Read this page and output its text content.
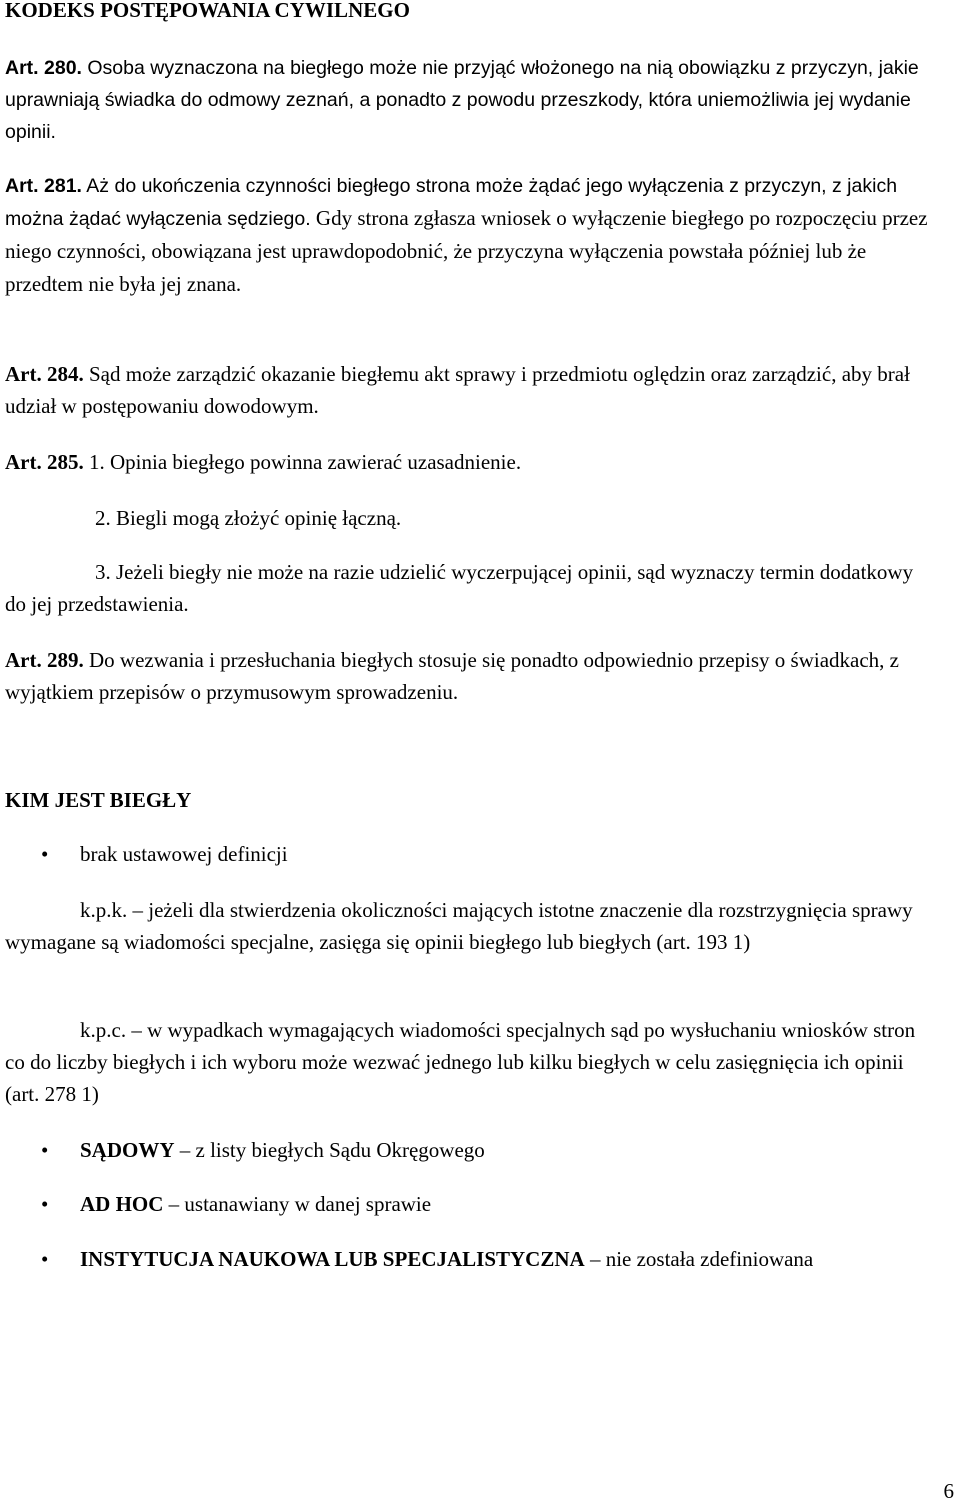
KODEKS POSTĘPOWANIA CYWILNEGO

Art. 280. Osoba wyznaczona na biegłego może nie przyjąć włożonego na nią obowiązku z przyczyn, jakie uprawniają świadka do odmowy zeznań, a ponadto z powodu przeszkody, która uniemożliwia jej wydanie opinii.

Art. 281. Aż do ukończenia czynności biegłego strona może żądać jego wyłączenia z przyczyn, z jakich można żądać wyłączenia sędziego. Gdy strona zgłasza wniosek o wyłączenie biegłego po rozpoczęciu przez niego czynności, obowiązana jest uprawdopodobnić, że przyczyna wyłączenia powstała później lub że przedtem nie była jej znana.

Art. 284. Sąd może zarządzić okazanie biegłemu akt sprawy i przedmiotu oględzin oraz zarządzić, aby brał udział w postępowaniu dowodowym.

Art. 285. 1. Opinia biegłego powinna zawierać uzasadnienie.

2. Biegli mogą złożyć opinię łączną.

3. Jeżeli biegły nie może na razie udzielić wyczerpującej opinii, sąd wyznaczy termin dodatkowy do jej przedstawienia.

Art. 289. Do wezwania i przesłuchania biegłych stosuje się ponadto odpowiednio przepisy o świadkach, z wyjątkiem przepisów o przymusowym sprowadzeniu.

KIM JEST BIEGŁY

• brak ustawowej definicji

k.p.k. – jeżeli dla stwierdzenia okoliczności mających istotne znaczenie dla rozstrzygnięcia sprawy wymagane są wiadomości specjalne, zasięga się opinii biegłego lub biegłych (art. 193 1)

k.p.c. – w wypadkach wymagających wiadomości specjalnych sąd po wysłuchaniu wniosków stron co do liczby biegłych i ich wyboru może wezwać jednego lub kilku biegłych w celu zasięgnięcia ich opinii (art. 278 1)

• SĄDOWY – z listy biegłych Sądu Okręgowego
• AD HOC – ustanawiany w danej sprawie
• INSTYTUCJA NAUKOWA LUB SPECJALISTYCZNA – nie została zdefiniowana
6
